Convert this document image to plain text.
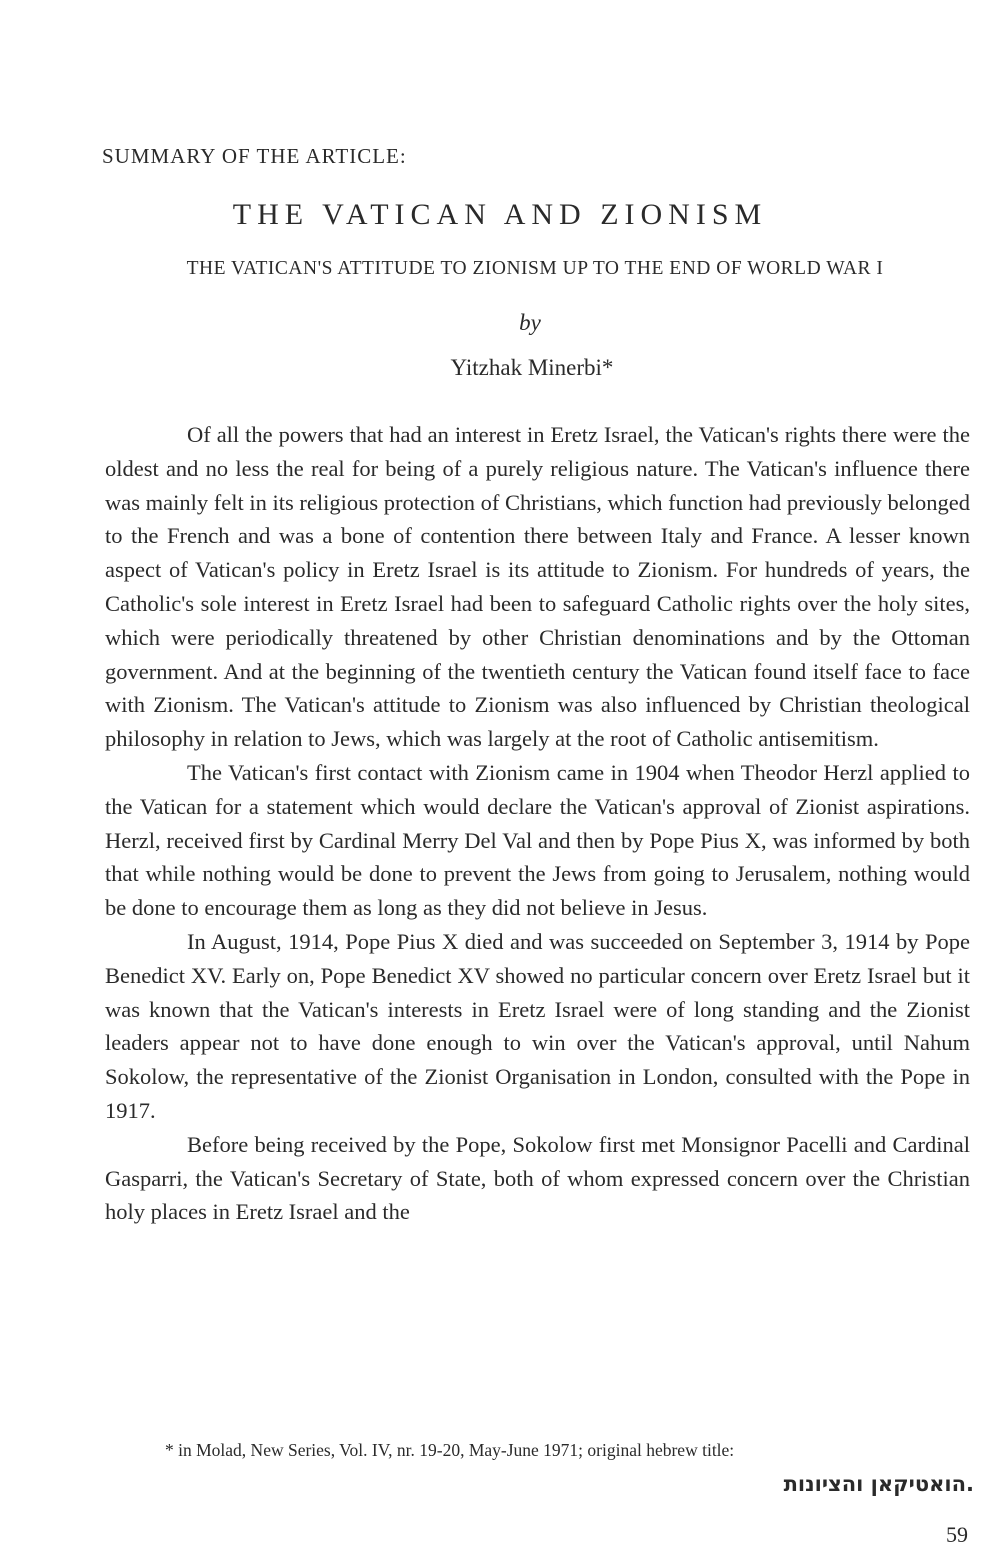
SUMMARY OF THE ARTICLE:
THE VATICAN AND ZIONISM
THE VATICAN'S ATTITUDE TO ZIONISM UP TO THE END OF WORLD WAR I
by
Yitzhak Minerbi*

Of all the powers that had an interest in Eretz Israel, the Vatican's rights there were the oldest and no less the real for being of a purely religious nature. The Vatican's influence there was mainly felt in its religious protection of Christians, which function had previously belonged to the French and was a bone of contention there between Italy and France. A lesser known aspect of Vatican's policy in Eretz Israel is its attitude to Zionism. For hundreds of years, the Catholic's sole interest in Eretz Israel had been to safeguard Catholic rights over the holy sites, which were periodically threatened by other Christian denominations and by the Ottoman government. And at the beginning of the twentieth century the Vatican found itself face to face with Zionism. The Vatican's attitude to Zionism was also influenced by Christian theological philosophy in relation to Jews, which was largely at the root of Catholic antisemitism.

The Vatican's first contact with Zionism came in 1904 when Theodor Herzl applied to the Vatican for a statement which would declare the Vatican's approval of Zionist aspirations. Herzl, received first by Cardinal Merry Del Val and then by Pope Pius X, was informed by both that while nothing would be done to prevent the Jews from going to Jerusalem, nothing would be done to encourage them as long as they did not believe in Jesus.

In August, 1914, Pope Pius X died and was succeeded on September 3, 1914 by Pope Benedict XV. Early on, Pope Benedict XV showed no particular concern over Eretz Israel but it was known that the Vatican's interests in Eretz Israel were of long standing and the Zionist leaders appear not to have done enough to win over the Vatican's approval, until Nahum Sokolow, the representative of the Zionist Organisation in London, consulted with the Pope in 1917.

Before being received by the Pope, Sokolow first met Monsignor Pacelli and Cardinal Gasparri, the Vatican's Secretary of State, both of whom expressed concern over the Christian holy places in Eretz Israel and the

* in Molad, New Series, Vol. IV, nr. 19-20, May-June 1971; original hebrew title:
.הואטיקאן והציונות
59
